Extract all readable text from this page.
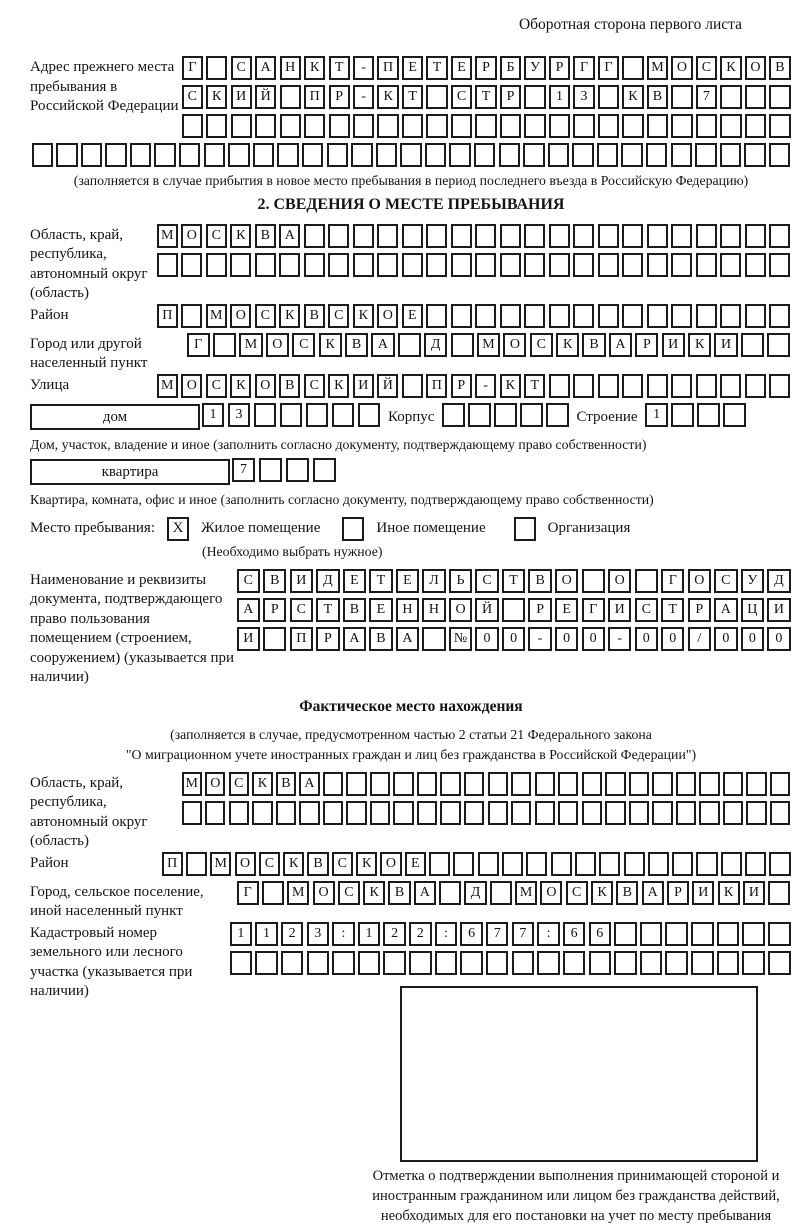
Оборотная сторона первого листа
Адрес прежнего места пребывания в Российской Федерации
Г	С	А	Н	К	Т	-	П	Е	Т	Е	Р	Б	У	Р	Г	Г	М О	С	К	О	В
С	К	И	Й	П	Р	-	К	Т	С	Т	Р	1	3	К	В	7
(заполняется в случае прибытия в новое место пребывания в период последнего въезда в Российскую Федерацию)
2. СВЕДЕНИЯ О МЕСТЕ ПРЕБЫВАНИЯ
Область, край, республика, автономный округ (область)
М О	С	К	В	А
Район	П	М О	С	К	В	С	К	О	Е
Город или другой населенный пункт
Г	М	О	С	К	В	А	Д	М	О	С	К	В	А	Р	И	К	И
Улица	М О	С	К	О	В	С	К	И	Й	П	Р	-	К	Т
дом	1	3	Корпус	Строение	1
Дом, участок, владение и иное (заполнить согласно документу, подтверждающему право собственности)
квартира	7
Квартира, комната, офис и иное (заполнить согласно документу, подтверждающему право собственности)
Место пребывания:	X	Жилое помещение	Иное помещение	Организация
(Необходимо выбрать нужное)
Наименование и реквизиты документа, подтверждающего право пользования помещением (строением, сооружением) (указывается при наличии)
С	В	И	Д	Е	Т	Е	Л	Ь	С	Т	В	О	О	Г	О	С	У	Д
А	Р	С	Т	В	Е	Н	Н	О	Й	Р	Е	Г	И	С	Т	Р	А	Ц	И
И	П	Р	А	В	А	№	0	0	-	0	0	-	0	0	/	0	0	0
Фактическое место нахождения
(заполняется в случае, предусмотренном частью 2 статьи 21 Федерального закона
"О миграционном учете иностранных граждан и лиц без гражданства в Российской Федерации")
Область, край, республика, автономный округ (область)
М О С	К	В А
Район	П	М О	С	К	В	С	К	О	Е
Город, сельское поселение, иной населенный пункт
Г	М	О	С	К	В	А	Д	М	О	С	К	В	А	Р	И	К	И
Кадастровый номер земельного или лесного участка (указывается при наличии)
1	1	2	3	:	1	2	2	:	6	7	7	:	6	6
Отметка о подтверждении выполнения принимающей стороной и иностранным гражданином или лицом без гражданства действий, необходимых для его постановки на учет по месту пребывания
